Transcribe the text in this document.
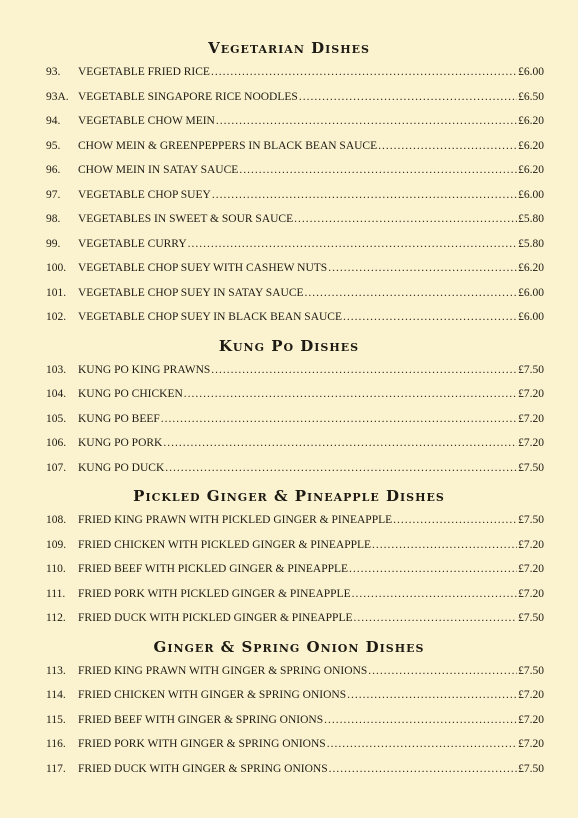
Vegetarian Dishes
93. VEGETABLE FRIED RICE .....	£6.00
93A. VEGETABLE SINGAPORE RICE NOODLES .....	£6.50
94. VEGETABLE CHOW MEIN .....	£6.20
95. CHOW MEIN & GREENPEPPERS IN BLACK BEAN SAUCE .....	£6.20
96. CHOW MEIN IN SATAY SAUCE .....	£6.20
97. VEGETABLE CHOP SUEY .....	£6.00
98. VEGETABLES IN SWEET & SOUR SAUCE .....	£5.80
99. VEGETABLE CURRY .....	£5.80
100. VEGETABLE CHOP SUEY WITH CASHEW NUTS .....	£6.20
101. VEGETABLE CHOP SUEY IN SATAY SAUCE .....	£6.00
102. VEGETABLE CHOP SUEY IN BLACK BEAN SAUCE .....	£6.00
Kung Po Dishes
103. KUNG PO KING PRAWNS .....	£7.50
104. KUNG PO CHICKEN .....	£7.20
105. KUNG PO BEEF .....	£7.20
106. KUNG PO PORK .....	£7.20
107. KUNG PO DUCK .....	£7.50
Pickled Ginger & Pineapple Dishes
108. FRIED KING PRAWN WITH PICKLED GINGER & PINEAPPLE .....	£7.50
109. FRIED CHICKEN WITH PICKLED GINGER & PINEAPPLE .....	£7.20
110. FRIED BEEF WITH PICKLED GINGER & PINEAPPLE .....	£7.20
111. FRIED PORK WITH PICKLED GINGER & PINEAPPLE .....	£7.20
112. FRIED DUCK WITH PICKLED GINGER & PINEAPPLE .....	£7.50
Ginger & Spring Onion Dishes
113. FRIED KING PRAWN WITH GINGER & SPRING ONIONS .....	£7.50
114. FRIED CHICKEN WITH GINGER & SPRING ONIONS .....	£7.20
115. FRIED BEEF WITH GINGER & SPRING ONIONS .....	£7.20
116. FRIED PORK WITH GINGER & SPRING ONIONS .....	£7.20
117. FRIED DUCK WITH GINGER & SPRING ONIONS .....	£7.50
